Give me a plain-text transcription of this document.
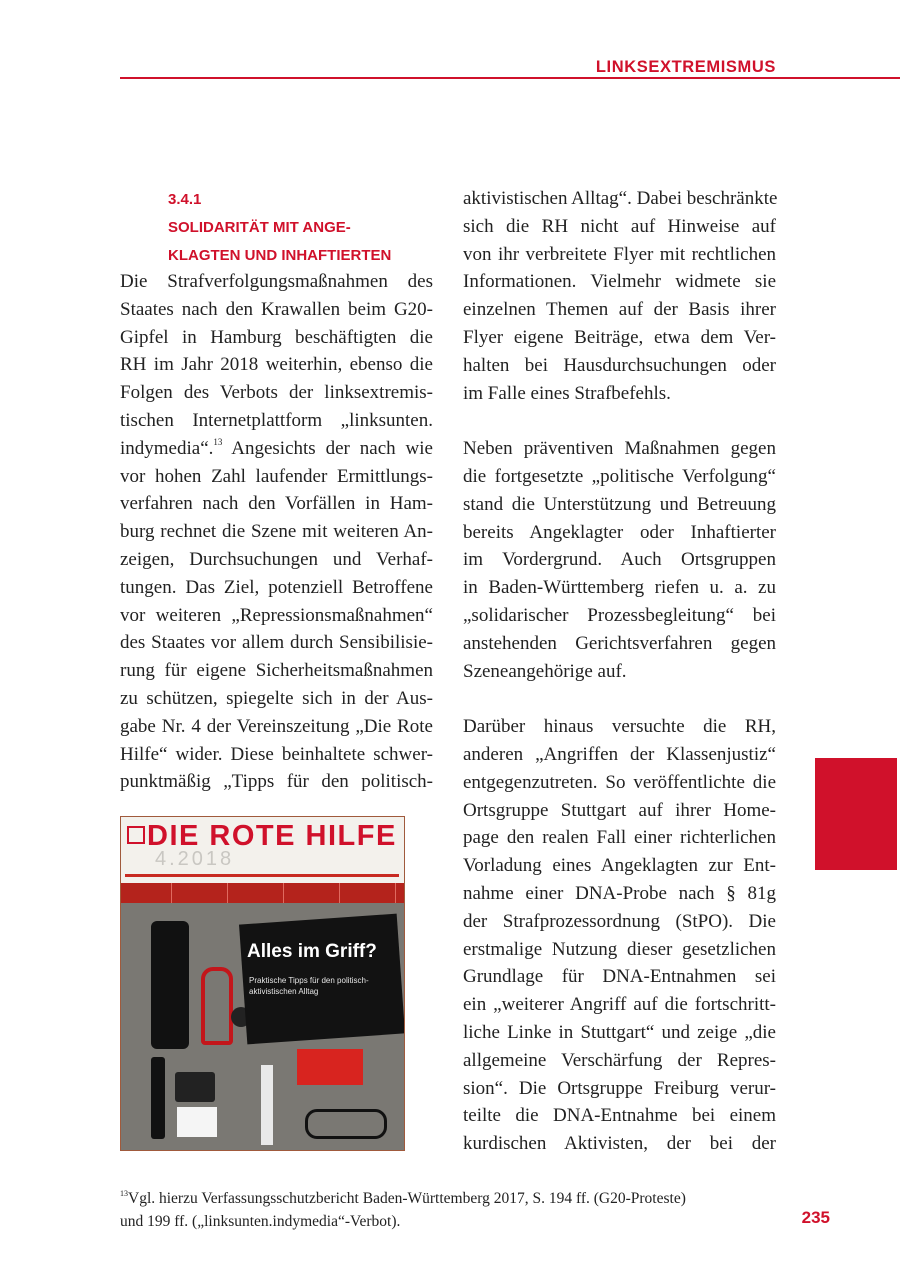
LINKSEXTREMISMUS
3.4.1
SOLIDARITÄT MIT ANGE-
KLAGTEN UND INHAFTIERTEN
Die Strafverfolgungsmaßnahmen des
Staates nach den Krawallen beim G20-
Gipfel in Hamburg beschäftigten die
RH im Jahr 2018 weiterhin, ebenso die
Folgen des Verbots der linksextremis-
tischen Internetplattform „linksunten.
indymedia“.$^{13}$ Angesichts der nach wie
vor hohen Zahl laufender Ermittlungs-
verfahren nach den Vorfällen in Ham-
burg rechnet die Szene mit weiteren An-
zeigen, Durchsuchungen und Verhaf-
tungen. Das Ziel, potenziell Betroffene
vor weiteren „Repressionsmaßnahmen“
des Staates vor allem durch Sensibilisie-
rung für eigene Sicherheitsmaßnahmen
zu schützen, spiegelte sich in der Aus-
gabe Nr. 4 der Vereinszeitung „Die Rote
Hilfe“ wider. Diese beinhaltete schwer-
punktmäßig „Tipps für den politisch-
aktivistischen Alltag“. Dabei beschränkte
sich die RH nicht auf Hinweise auf
von ihr verbreitete Flyer mit rechtlichen
Informationen. Vielmehr widmete sie
einzelnen Themen auf der Basis ihrer
Flyer eigene Beiträge, etwa dem Ver-
halten bei Hausdurchsuchungen oder
im Falle eines Strafbefehls.
Neben präventiven Maßnahmen gegen
die fortgesetzte „politische Verfolgung“
stand die Unterstützung und Betreuung
bereits Angeklagter oder Inhaftierter
im Vordergrund. Auch Ortsgruppen
in Baden-Württemberg riefen u. a. zu
„solidarischer Prozessbegleitung“ bei
anstehenden Gerichtsverfahren gegen
Szeneangehörige auf.
Darüber hinaus versuchte die RH,
anderen „Angriffen der Klassenjustiz“
entgegenzutreten. So veröffentlichte die
Ortsgruppe Stuttgart auf ihrer Home-
page den realen Fall einer richterlichen
Vorladung eines Angeklagten zur Ent-
nahme einer DNA-Probe nach § 81g
der Strafprozessordnung (StPO). Die
erstmalige Nutzung dieser gesetzlichen
Grundlage für DNA-Entnahmen sei
ein „weiterer Angriff auf die fortschritt-
liche Linke in Stuttgart“ und zeige „die
allgemeine Verschärfung der Repres-
sion“. Die Ortsgruppe Freiburg verur-
teilte die DNA-Entnahme bei einem
kurdischen Aktivisten, der bei der
DIE ROTE HILFE
4.2018
Alles im Griff?
Praktische Tipps für den politisch-aktivistischen Alltag
$^{13}$Vgl. hierzu Verfassungsschutzbericht Baden-Württemberg 2017, S. 194 ff. (G20-Proteste)
und 199 ff. („linksunten.indymedia“-Verbot).	235
